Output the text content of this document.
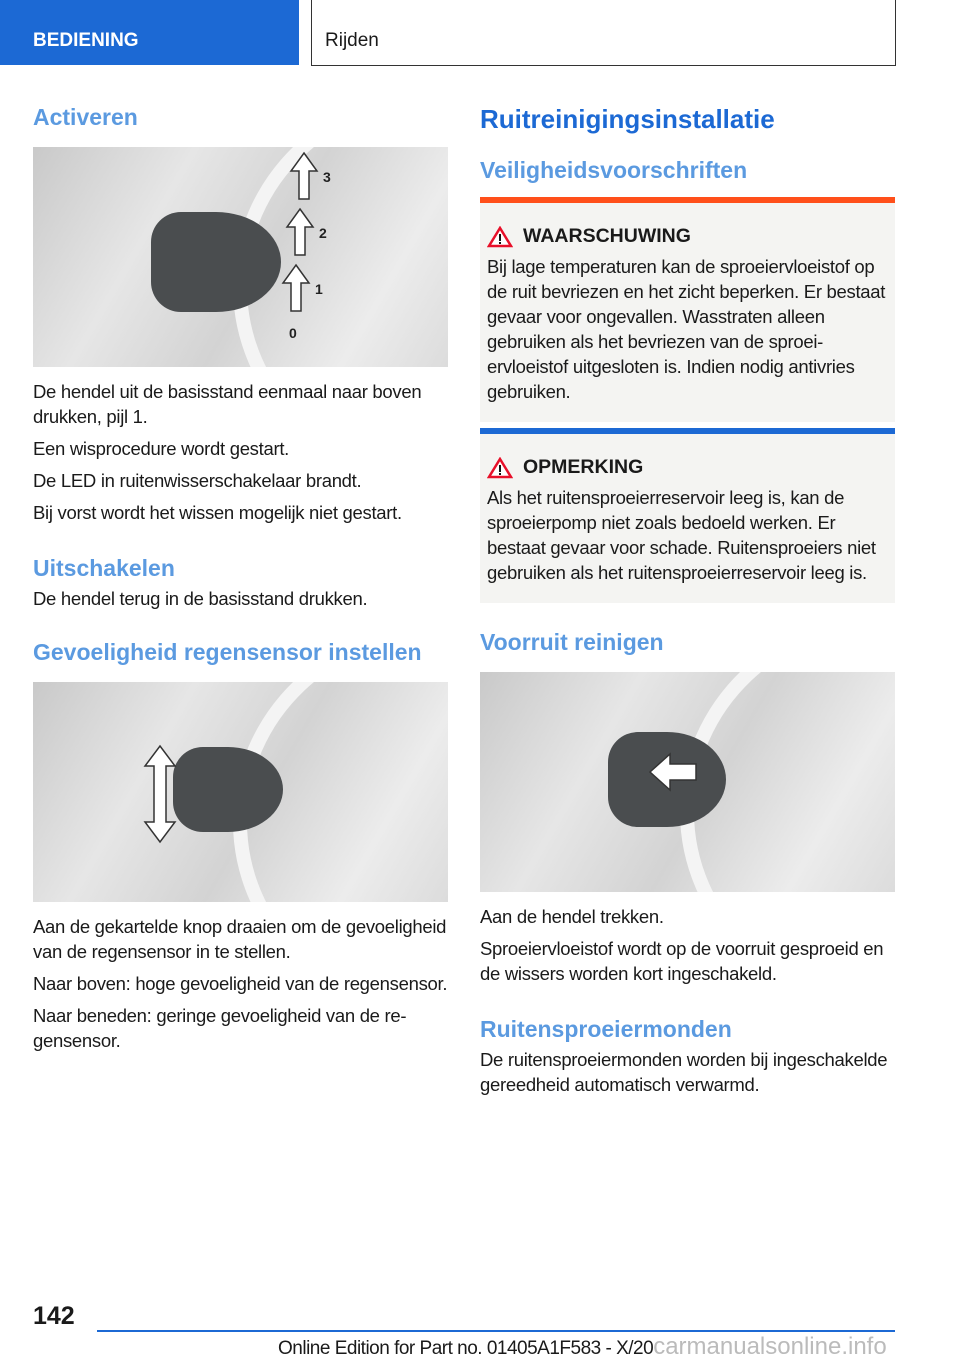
BEDIENING	Rijden
Activeren
3
2
1
0

De hendel uit de basisstand eenmaal naar boven drukken, pijl 1.

Een wisprocedure wordt gestart.

De LED in ruitenwisserschakelaar brandt.

Bij vorst wordt het wissen mogelijk niet gestart.

Uitschakelen

De hendel terug in de basisstand drukken.

Gevoeligheid regensensor instellen

Aan de gekartelde knop draaien om de gevoeligheid van de regensensor in te stellen.

Naar boven: hoge gevoeligheid van de regensensor.

Naar beneden: geringe gevoeligheid van de regensensor.

Ruitreinigingsinstallatie
Veiligheidsvoorschriften
WAARSCHUWING

Bij lage temperaturen kan de sproeiervloeistof op de ruit bevriezen en het zicht beperken. Er bestaat gevaar voor ongevallen. Wasstraten alleen gebruiken als het bevriezen van de sproeiervloeistof uitgesloten is. Indien nodig antivries gebruiken.

OPMERKING

Als het ruitensproeierreservoir leeg is, kan de sproeierpomp niet zoals bedoeld werken. Er bestaat gevaar voor schade. Ruitensproeiers niet gebruiken als het ruitensproeierreservoir leeg is.

Voorruit reinigen

Aan de hendel trekken.

Sproeiervloeistof wordt op de voorruit gesproeid en de wissers worden kort ingeschakeld.

Ruitensproeiermonden

De ruitensproeiermonden worden bij ingeschakelde gereedheid automatisch verwarmd.

142
Online Edition for Part no. 01405A1F583 - X/20carmanualsonline.info
